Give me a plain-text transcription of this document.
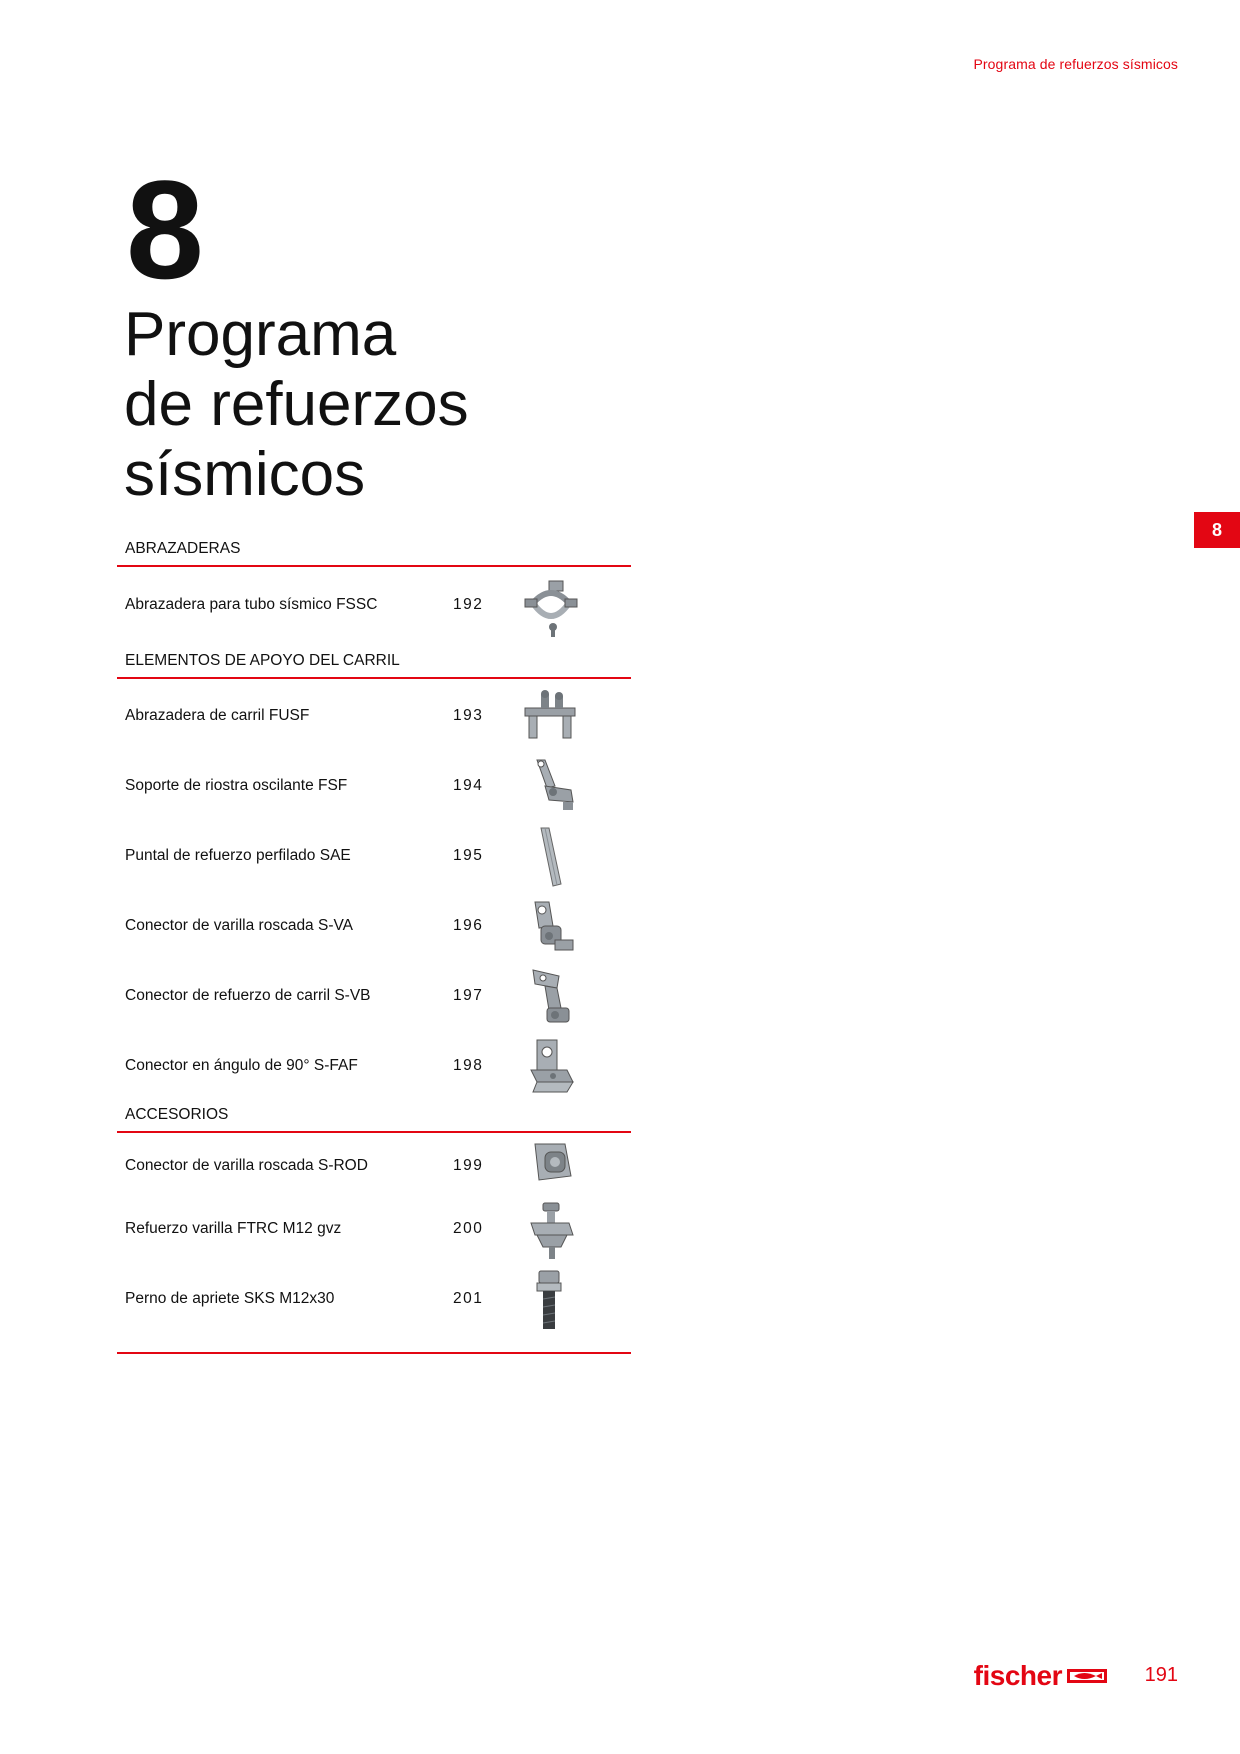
Programa de refuerzos sísmicos
8
Programa
de refuerzos
sísmicos
8
ABRAZADERAS
Abrazadera para tubo sísmico FSSC	192
ELEMENTOS DE APOYO DEL CARRIL
Abrazadera de carril FUSF	193
Soporte de riostra oscilante FSF	194
Puntal de refuerzo perfilado SAE	195
Conector de varilla roscada S-VA	196
Conector de refuerzo de carril S-VB	197
Conector en ángulo de 90° S-FAF	198
ACCESORIOS
Conector de varilla roscada S-ROD	199
Refuerzo varilla FTRC M12 gvz	200
Perno de apriete SKS M12x30	201
fischer	191
